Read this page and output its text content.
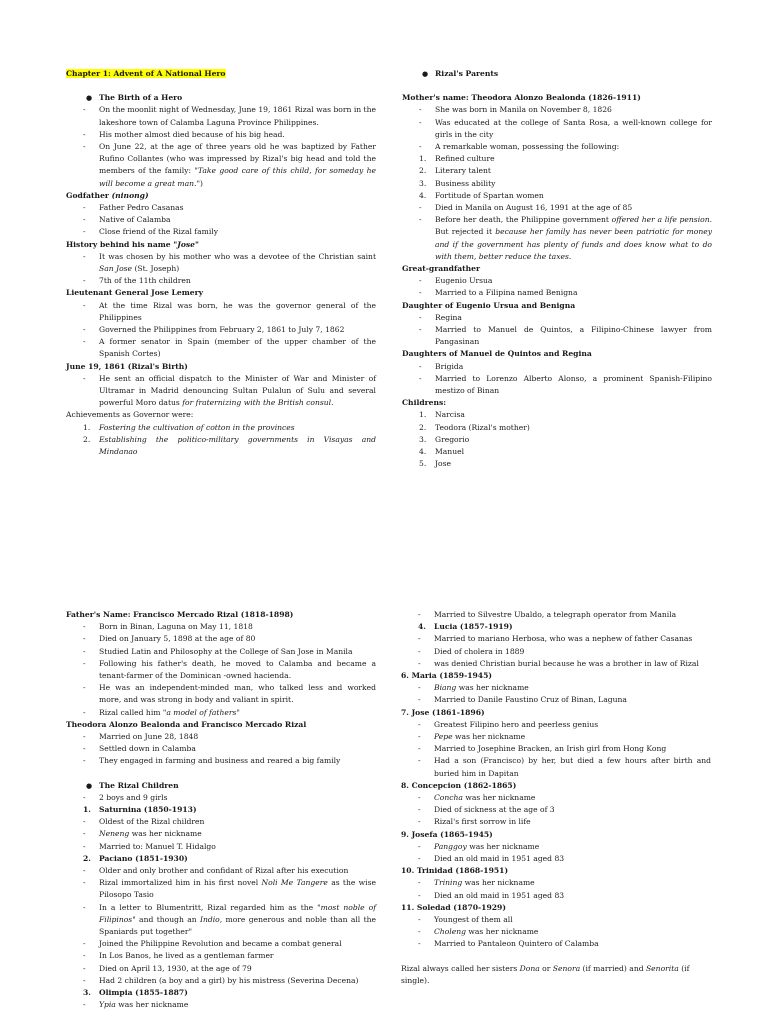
Chapter 1: Advent of A National Hero
● The Birth of a Hero
- On the moonlit night of Wednesday, June 19, 1861 Rizal was born in the lakeshore town of Calamba Laguna Province Philippines.
- His mother almost died because of his big head.
- On June 22, at the age of three years old he was baptized by Father Rufino Collantes (who was impressed by Rizal's big head and told the members of the family: "Take good care of this child, for someday he will become a great man.")
Godfather (ninong)
- Father Pedro Casanas
- Native of Calamba
- Close friend of the Rizal family
History behind his name "Jose"
- It was chosen by his mother who was a devotee of the Christian saint San Jose (St. Joseph)
- 7th of the 11th children
Lieutenant General Jose Lemery
- At the time Rizal was born, he was the governor general of the Philippines
- Governed the Philippines from February 2, 1861 to July 7, 1862
- A former senator in Spain (member of the upper chamber of the Spanish Cortes)
June 19, 1861 (Rizal's Birth)
- He sent an official dispatch to the Minister of War and Minister of Ultramar in Madrid denouncing Sultan Pulalun of Sulu and several powerful Moro datus for fraternizing with the British consul.
Achievements as Governor were:
1. Fostering the cultivation of cotton in the provinces
2. Establishing the politico-military governments in Visayas and Mindanao
● Rizal's Parents
Mother's name: Theodora Alonzo Bealonda (1826-1911)
- She was born in Manila on November 8, 1826
- Was educated at the college of Santa Rosa, a well-known college for girls in the city
- A remarkable woman, possessing the following:
1. Refined culture
2. Literary talent
3. Business ability
4. Fortitude of Spartan women
- Died in Manila on August 16, 1991 at the age of 85
- Before her death, the Philippine government offered her a life pension. But rejected it because her family has never been patriotic for money and if the government has plenty of funds and does know what to do with them, better reduce the taxes.
Great-grandfather
- Eugenio Ursua
- Married to a Filipina named Benigna
Daughter of Eugenio Ursua and Benigna
- Regina
- Married to Manuel de Quintos, a Filipino-Chinese lawyer from Pangasinan
Daughters of Manuel de Quintos and Regina
- Brigida
- Married to Lorenzo Alberto Alonso, a prominent Spanish-Filipino mestizo of Binan
Childrens:
1. Narcisa
2. Teodora (Rizal's mother)
3. Gregorio
4. Manuel
5. Jose
Father's Name: Francisco Mercado Rizal (1818-1898)
- Born in Binan, Laguna on May 11, 1818
- Died on January 5, 1898 at the age of 80
- Studied Latin and Philosophy at the College of San Jose in Manila
- Following his father's death, he moved to Calamba and became a tenant-farmer of the Dominican -owned hacienda.
- He was an independent-minded man, who talked less and worked more, and was strong in body and valiant in spirit.
- Rizal called him "a model of fathers"
Theodora Alonzo Bealonda and Francisco Mercado Rizal
- Married on June 28, 1848
- Settled down in Calamba
- They engaged in farming and business and reared a big family
● The Rizal Children
- 2 boys and 9 girls
1. Saturnina (1850-1913)
- Oldest of the Rizal children
- Neneng was her nickname
- Married to: Manuel T. Hidalgo
2. Paciano (1851-1930)
- Older and only brother and confidant of Rizal after his execution
- Rizal immortalized him in his first novel Noli Me Tangere as the wise Pilosopo Tasio
- In a letter to Blumentritt, Rizal regarded him as the "most noble of Filipinos" and though an Indio, more generous and noble than all the Spaniards put together"
- Joined the Philippine Revolution and became a combat general
- In Los Banos, he lived as a gentleman farmer
- Died on April 13, 1930, at the age of 79
- Had 2 children (a boy and a girl) by his mistress (Severina Decena)
3. Olimpia (1855-1887)
- Ypia was her nickname
- Married to Silvestre Ubaldo, a telegraph operator from Manila
4. Lucia (1857-1919)
- Married to mariano Herbosa, who was a nephew of father Casanas
- Died of cholera in 1889
- was denied Christian burial because he was a brother in law of Rizal
6. Maria (1859-1945)
- Biang was her nickname
- Married to Danile Faustino Cruz of Binan, Laguna
7. Jose (1861-1896)
- Greatest Filipino hero and peerless genius
- Pepe was her nickname
- Married to Josephine Bracken, an Irish girl from Hong Kong
- Had a son (Francisco) by her, but died a few hours after birth and buried him in Dapitan
8. Concepcion (1862-1865)
- Concha was her nickname
- Died of sickness at the age of 3
- Rizal's first sorrow in life
9. Josefa (1865-1945)
- Panggoy was her nickname
- Died an old maid in 1951 aged 83
10. Trinidad (1868-1951)
- Trining was her nickname
- Died an old maid in 1951 aged 83
11. Soledad (1870-1929)
- Youngest of them all
- Choleng was her nickname
- Married to Pantaleon Quintero of Calamba
Rizal always called her sisters Dona or Senora (if married) and Senorita (if single).
